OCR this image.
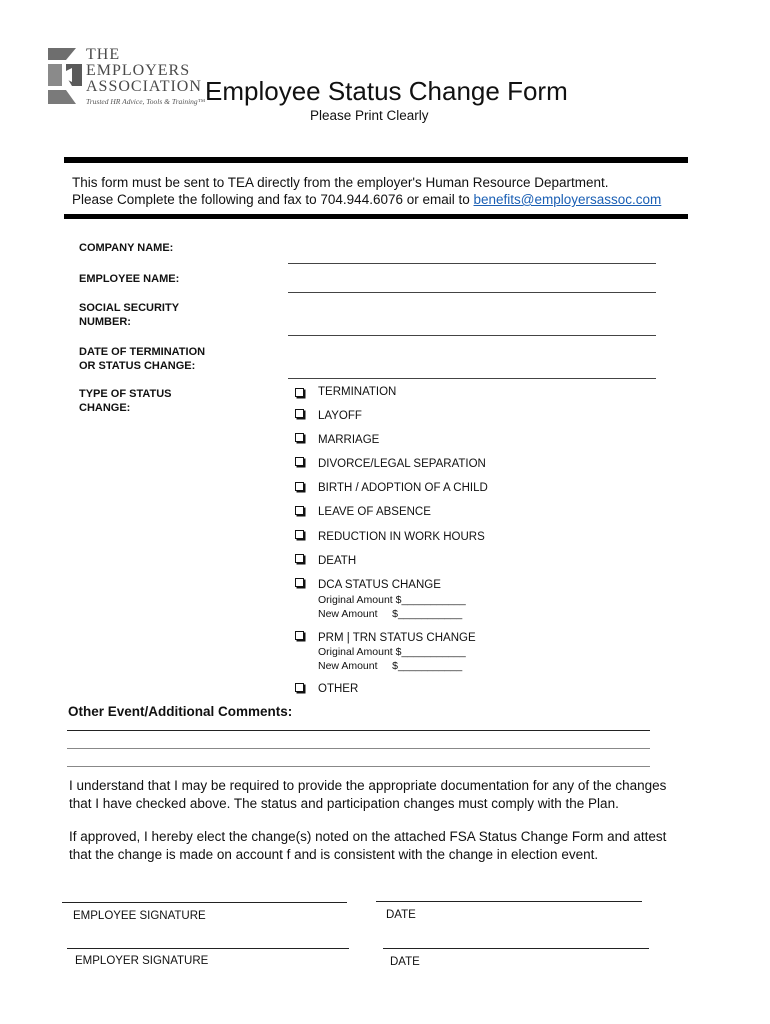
THE
EMPLOYERS
ASSOCIATION
Trusted HR Advice, Tools & Training™ Employee Status Change Form
Please Print Clearly
This form must be sent to TEA directly from the employer's Human Resource Department.
Please Complete the following and fax to 704.944.6076 or email to benefits@employersassoc.com
COMPANY NAME:
EMPLOYEE NAME:
SOCIAL SECURITY
NUMBER:
DATE OF TERMINATION
OR STATUS CHANGE:
TYPE OF STATUS
CHANGE:
TERMINATION
LAYOFF
MARRIAGE
DIVORCE/LEGAL SEPARATION
BIRTH / ADOPTION OF A CHILD
LEAVE OF ABSENCE
REDUCTION IN WORK HOURS
DEATH
DCA STATUS CHANGE
Original Amount $___________
New Amount     $___________
PRM | TRN STATUS CHANGE
Original Amount $___________
New Amount     $___________
OTHER
Other Event/Additional Comments:
I understand that I may be required to provide the appropriate documentation for any of the changes
that I have checked above. The status and participation changes must comply with the Plan.
If approved, I hereby elect the change(s) noted on the attached FSA Status Change Form and attest
that the change is made on account f and is consistent with the change in election event.
EMPLOYEE SIGNATURE	DATE
EMPLOYER SIGNATURE	DATE
